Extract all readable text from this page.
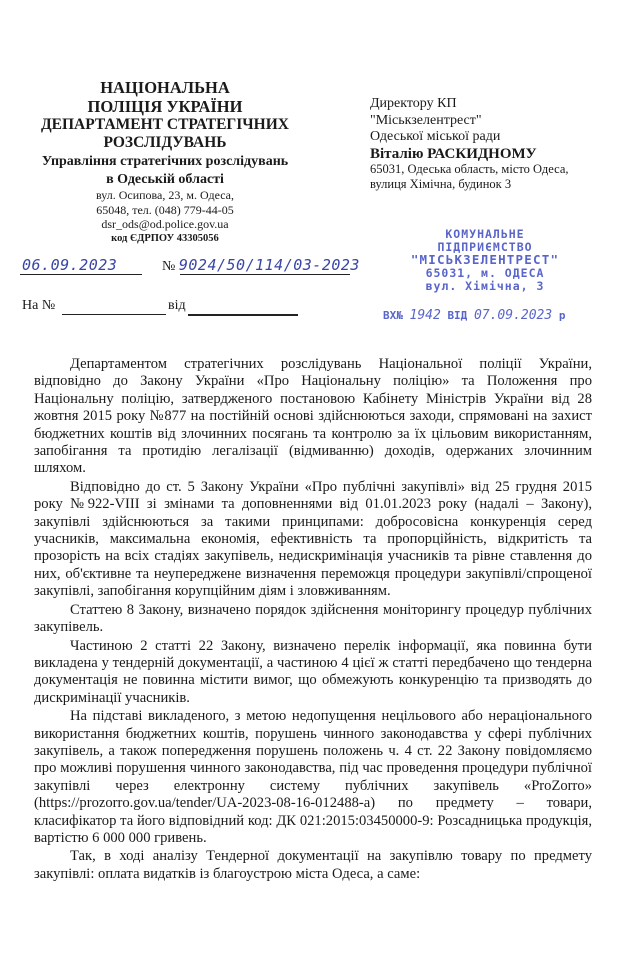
НАЦІОНАЛЬНА
ПОЛІЦІЯ УКРАЇНИ
ДЕПАРТАМЕНТ СТРАТЕГІЧНИХ
РОЗСЛІДУВАНЬ
Управління стратегічних розслідувань
в Одеській області
вул. Осипова, 23, м. Одеса,
65048, тел. (048) 779-44-05
dsr_ods@od.police.gov.ua
код ЄДРПОУ 43305056
Директору КП
"Міськзелентрест"
Одеської міської ради
Віталію РАСКИДНОМУ
65031, Одеська область, місто Одеса,
вулиця Хімічна, будинок 3
06.09.2023	№ 9024/50/114/03-2023
На №	від
КОМУНАЛЬНЕ
ПІДПРИЄМСТВО
"МІСЬКЗЕЛЕНТРЕСТ"
65031, м. ОДЕСА
вул. Хімічна, 3
ВХ№ 1942 ВІД 07.09.2023 р

Департаментом стратегічних розслідувань Національної поліції України, відповідно до Закону України «Про Національну поліцію» та Положення про Національну поліцію, затвердженого постановою Кабінету Міністрів України від 28 жовтня 2015 року №877 на постійній основі здійснюються заходи, спрямовані на захист бюджетних коштів від злочинних посягань та контролю за їх цільовим використанням, запобігання та протидію легалізації (відмиванню) доходів, одержаних злочинним шляхом.

Відповідно до ст. 5 Закону України «Про публічні закупівлі» від 25 грудня 2015 року №922-VIII зі змінами та доповненнями від 01.01.2023 року (надалі – Закону), закупівлі здійснюються за такими принципами: добросовісна конкуренція серед учасників, максимальна економія, ефективність та пропорційність, відкритість та прозорість на всіх стадіях закупівель, недискримінація учасників та рівне ставлення до них, об'єктивне та неупереджене визначення переможця процедури закупівлі/спрощеної закупівлі, запобігання корупційним діям і зловживанням.

Статтею 8 Закону, визначено порядок здійснення моніторингу процедур публічних закупівель.

Частиною 2 статті 22 Закону, визначено перелік інформації, яка повинна бути викладена у тендерній документації, а частиною 4 цієї ж статті передбачено що тендерна документація не повинна містити вимог, що обмежують конкуренцію та призводять до дискримінації учасників.

На підставі викладеного, з метою недопущення нецільового або нераціонального використання бюджетних коштів, порушень чинного законодавства у сфері публічних закупівель, а також попередження порушень положень ч. 4 ст. 22 Закону повідомляємо про можливі порушення чинного законодавства, під час проведення процедури публічної закупівлі через електронну систему публічних закупівель «ProZorro» (https://prozorro.gov.ua/tender/UA-2023-08-16-012488-a) по предмету – товари, класифікатор та його відповідний код: ДК 021:2015:03450000-9: Розсадницька продукція, вартістю 6 000 000 гривень.

Так, в ході аналізу Тендерної документації на закупівлю товару по предмету закупівлі: оплата видатків із благоустрою міста Одеса, а саме:
